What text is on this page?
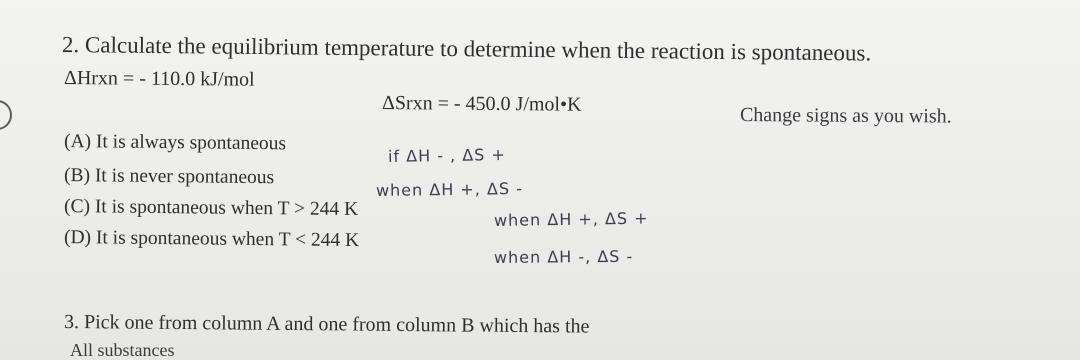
2. Calculate the equilibrium temperature to determine when the reaction is spontaneous.
ΔHrxn = - 110.0 kJ/mol
ΔSrxn = - 450.0 J/mol•K	Change signs as you wish.
(A) It is always spontaneous
if ΔH - , ΔS +
(B) It is never spontaneous
when ΔH +, ΔS -
(C) It is spontaneous when T > 244 K	when ΔH +, ΔS +
(D) It is spontaneous when T < 244 K
when ΔH -, ΔS -
3. Pick one from column A and one from column B which has the
All substances
